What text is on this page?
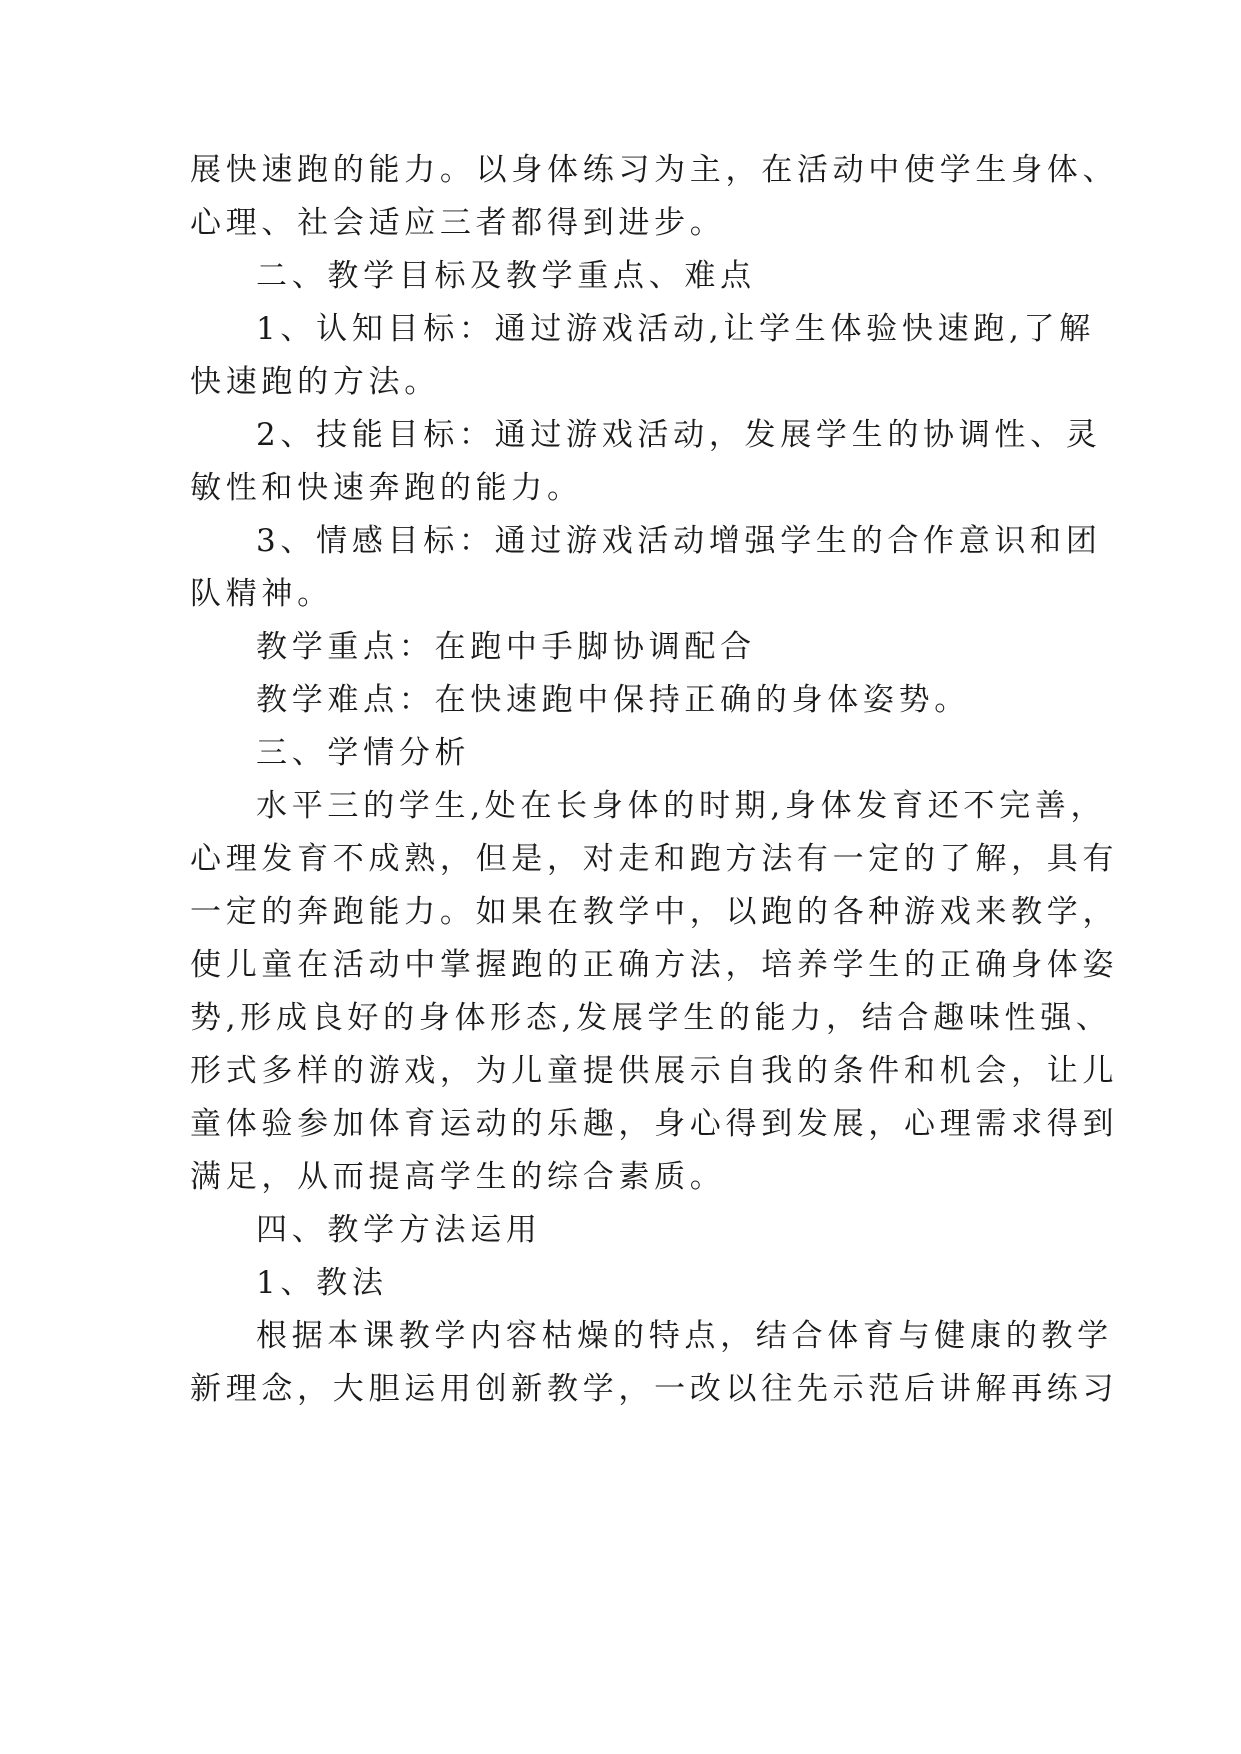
展快速跑的能力。以身体练习为主，在活动中使学生身体、
心理、社会适应三者都得到进步。
二、教学目标及教学重点、难点
1、认知目标：通过游戏活动,让学生体验快速跑,了解
快速跑的方法。
2、技能目标：通过游戏活动，发展学生的协调性、灵
敏性和快速奔跑的能力。
3、情感目标：通过游戏活动增强学生的合作意识和团
队精神。
教学重点：在跑中手脚协调配合
教学难点：在快速跑中保持正确的身体姿势。
三、学情分析
水平三的学生,处在长身体的时期,身体发育还不完善，
心理发育不成熟，但是，对走和跑方法有一定的了解，具有
一定的奔跑能力。如果在教学中，以跑的各种游戏来教学，
使儿童在活动中掌握跑的正确方法，培养学生的正确身体姿
势,形成良好的身体形态,发展学生的能力，结合趣味性强、
形式多样的游戏，为儿童提供展示自我的条件和机会，让儿
童体验参加体育运动的乐趣，身心得到发展，心理需求得到
满足，从而提高学生的综合素质。
四、教学方法运用
1、教法
根据本课教学内容枯燥的特点，结合体育与健康的教学
新理念，大胆运用创新教学，一改以往先示范后讲解再练习
